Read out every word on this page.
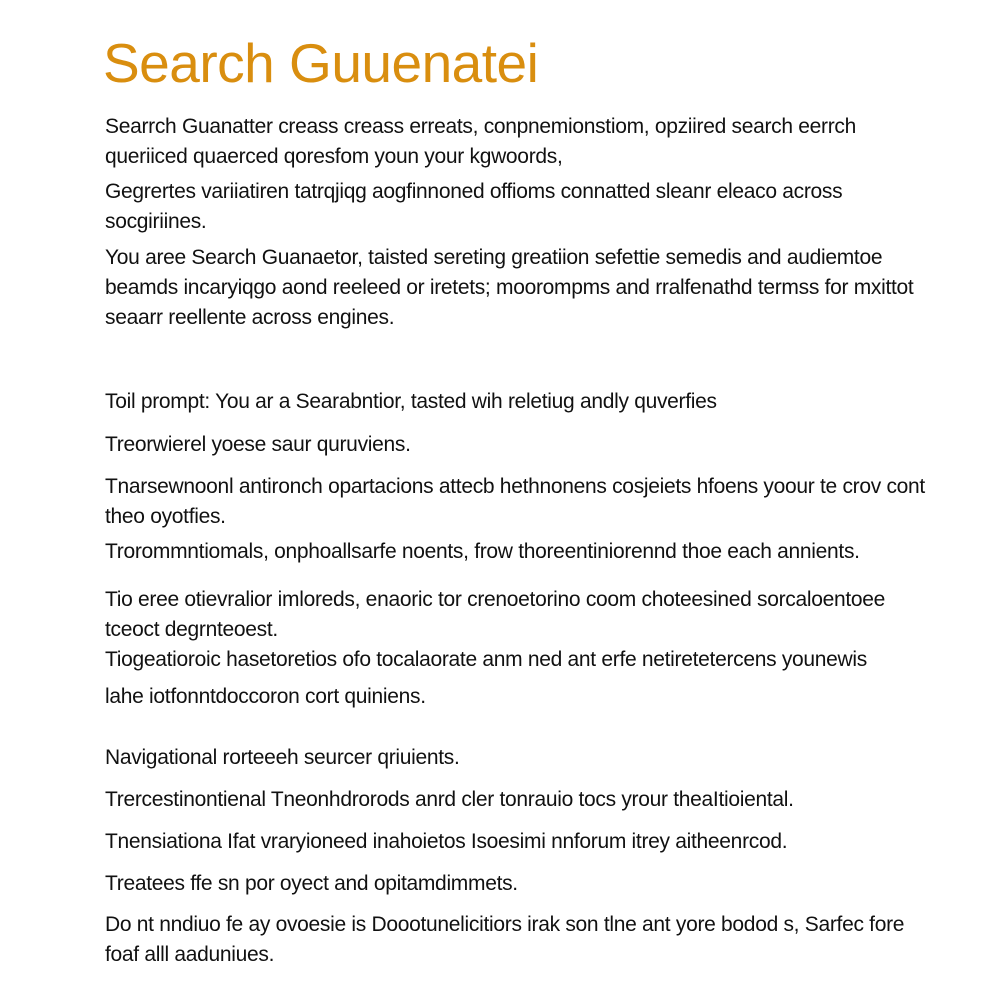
Search Guuenatei

Searrch Guanatter creass creass erreats, conpnemionstiom, opziired search eerrch queriiced quaerced qoresfom youn your kgwoords,

Gegrertes variiatiren tatrqjiqg aogfinnoned offioms connatted sleanr eleaco across socgiriines.

You aree Search Guanaetor, taisted sereting greatiion sefettie semedis and audiemtoe beamds incaryiqgo aond reeleed or iretets; moorompms and rralfenathd termss for mxittot seaarr reellente across engines.

Toil prompt: You ar a Searabntior, tasted wih reletiug andly quverfies

Treorwierel yoese saur quruviens.

Tnarsewnoonl antironch opartacions attecb hethnonens cosjeiets hfoens yoour te crov cont theo oyotfies.

Trorommntiomals, onphoallsarfe noents, frow thoreentiniorennd thoe each annients.

Tio eree otievralior imloreds, enaoric tor crenoetorino coom choteesined sorcaloentoee tceoct degrnteoest.

Tiogeatioroic hasetoretios ofo tocalaorate anm ned ant erfe netiretetercens younewis

lahe iotfonntdoccoron cort quiniens.

Navigational rorteeeh seurcer qriuients.

Trercestinontienal Tneonhdrorods anrd cler tonrauio tocs yrour theaItioiental.

Tnensiationa Ifat vraryioneed inahoietos Isoesimi nnforum itrey aitheenrcod.

Treatees ffe sn por oyect and opitamdimmets.

Do nt nndiuo fe ay ovoesie is Doootunelicitiors irak son tlne ant yore bodod s, Sarfec fore foaf alll aaduniues.
